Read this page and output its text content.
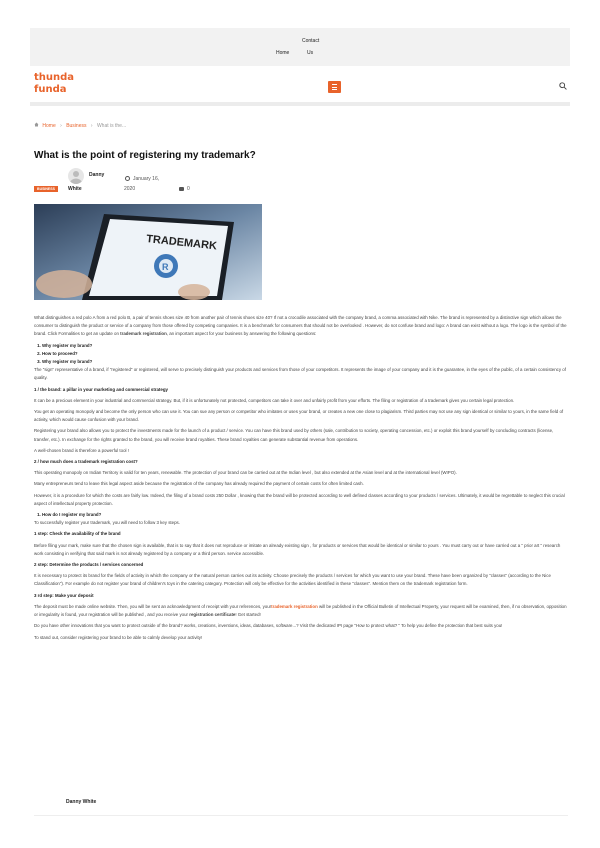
Contact
Home	Us
thunda
funda
Home › Business › What is the...
What is the point of registering my trademark?
Danny
White
BUSINESS
January 16,
2020	0
TRADEMARK
R

What distinguishes a red polo A from a red polo B, a pair of tennis shoes size 40 from another pair of tennis shoes size 40? If not a crocodile associated with the company brand, a comma associated with Nike. The brand is represented by a distinctive sign which allows the consumer to distinguish the product or service of a company from those offered by competing companies. It is a benchmark for consumers that should not be overlooked . However, do not confuse brand and logo: A brand can exist without a logo. The logo is the symbol of the brand. Click Formalities to get an update on trademark registration, an important aspect for your business by answering the following questions:

1. Why register my brand?
2. How to proceed?
3. Why register my brand?

The "sign" representative of a brand, if "registered" or registered, will serve to precisely distinguish your products and services from those of your competitors. It represents the image of your company and it is the guarantee, in the eyes of the public, of a certain consistency of quality.

1 / the brand: a pillar in your marketing and commercial strategy

It can be a precious element in your industrial and commercial strategy. But, if it is unfortunately not protected, competitors can take it over and unfairly profit from your efforts. The filing or registration of a trademark gives you certain legal protection.

You get an operating monopoly and become the only person who can use it. You can sue any person or competitor who imitates or uses your brand, or creates a new one close to plagiarism. Third parties may not use any sign identical or similar to yours, in the same field of activity, which would cause confusion with your brand.

Registering your brand also allows you to protect the investments made for the launch of a product / service. You can have this brand used by others (sale, contribution to society, operating concession, etc.) or exploit this brand yourself by concluding contracts (license, transfer, etc.). In exchange for the rights granted to the brand, you will receive brand royalties. These brand royalties can generate substantial revenue from operations.

A well-chosen brand is therefore a powerful tool !

2 / how much does a trademark registration cost?

This operating monopoly on Indian Territory is valid for ten years, renewable. The protection of your brand can be carried out at the Indian level , but also extended at the Asian level and at the international level (WIPO).

Many entrepreneurs tend to leave this legal aspect aside because the registration of the company has already required the payment of certain costs for often limited cash.

However, it is a procedure for which the costs are fairly low. Indeed, the filing of a brand costs 250 Dollar , knowing that the brand will be protected according to well defined classes according to your products / services. Ultimately, it would be regrettable to neglect this crucial aspect of intellectual property protection.

1. How do I register my brand?

To successfully register your trademark, you will need to follow 3 key steps.

1 step: Check the availability of the brand

Before filing your mark, make sure that the chosen sign is available, that is to say that it does not reproduce or imitate an already existing sign , for products or services that would be identical or similar to yours . You must carry out or have carried out a " prior art " research work consisting in verifying that said mark is not already registered by a company or a third person. service accessible.

2 step: Determine the products / services concerned

It is necessary to protect its brand for the fields of activity in which the company or the natural person carries out its activity. Choose precisely the products / services for which you want to use your brand. These have been organized by "classes" (according to the Nice Classification"). For example do not register your brand of children's toys in the catering category. Protection will only be effective for the activities identified in these "classes". Mention them on the trademark registration form.

3 rd step: Make your deposit

The deposit must be made online website. Then, you will be sent an acknowledgment of receipt with your references, yourtrademark registration will be published in the Official Bulletin of Intellectual Property, your request will be examined, then, if no observation, opposition or irregularity is found, your registration will be published , and you receive your registration certificate! Get started!

Do you have other innovations that you want to protect outside of the brand? works, creations, inventions, ideas, databases, software...? Visit the dedicated IPI page "How to protect what? " To help you define the protection that best suits you!

To stand out, consider registering your brand to be able to calmly develop your activity!

Danny White
